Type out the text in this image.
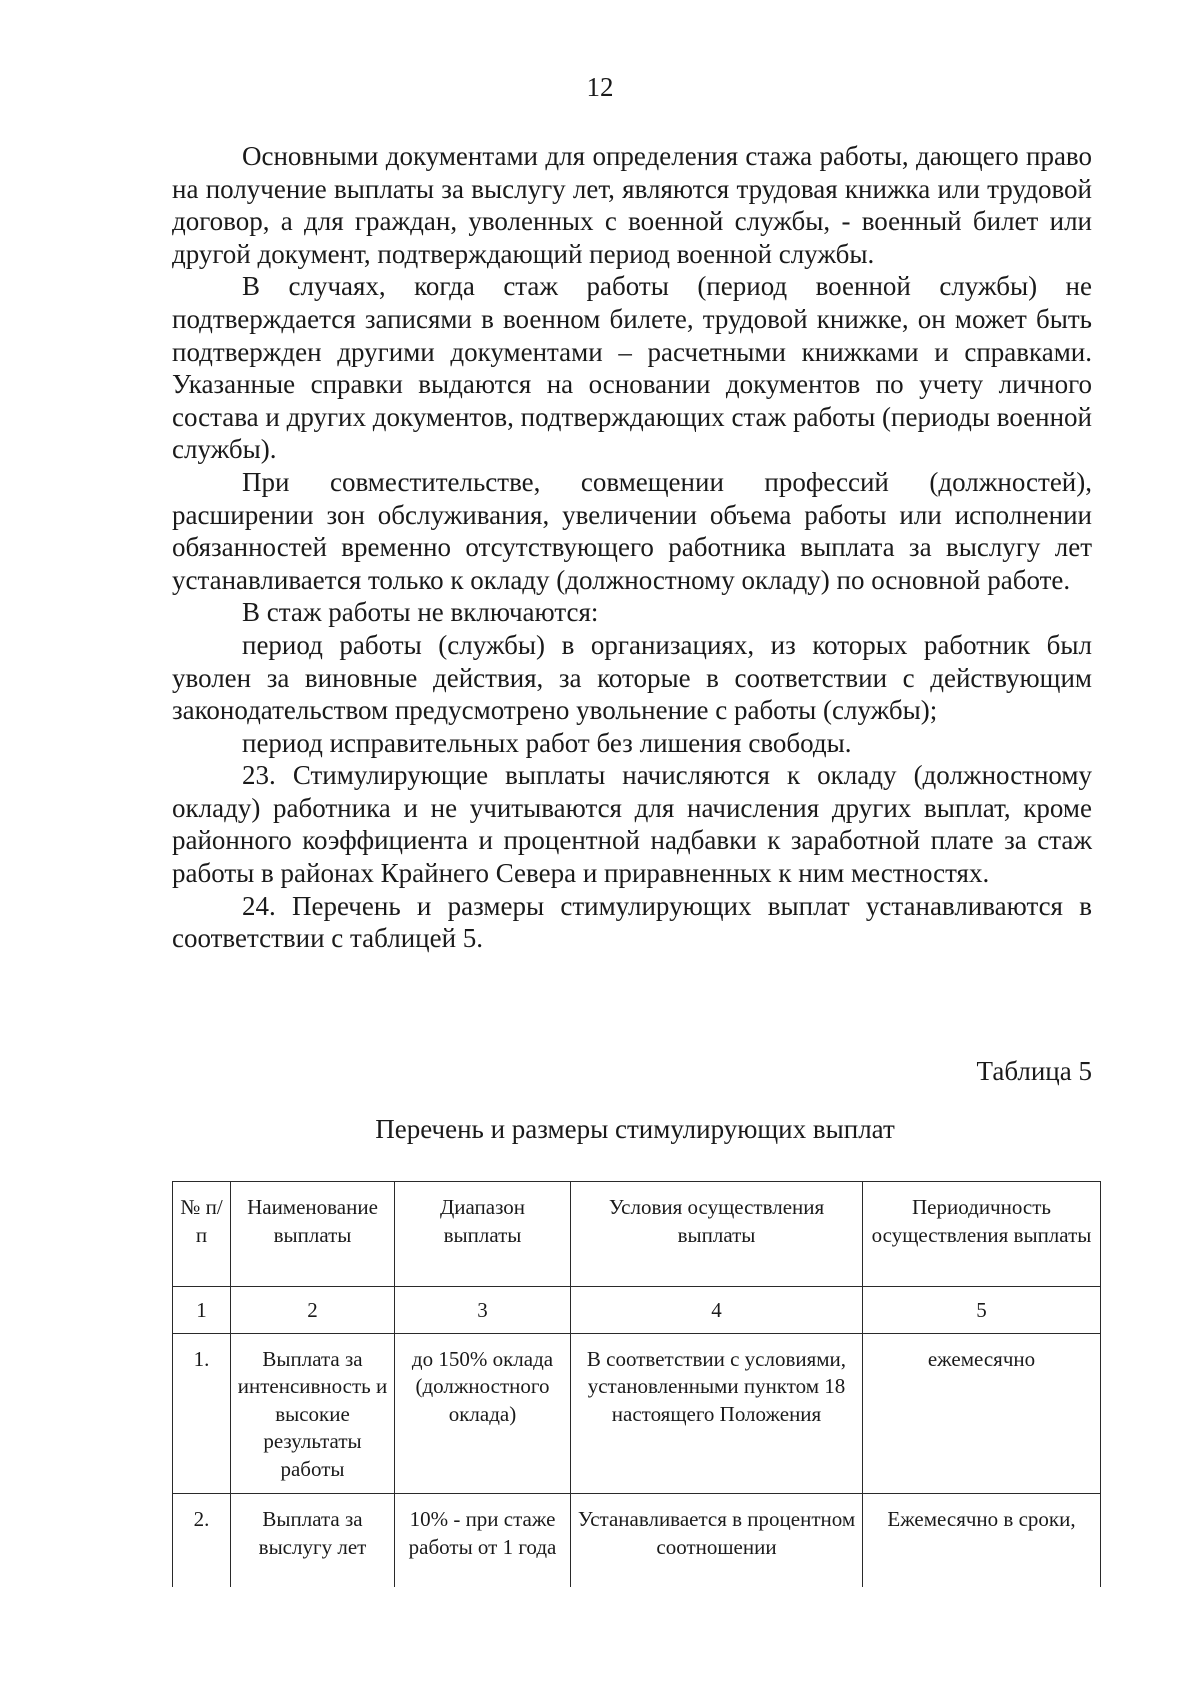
12

Основными документами для определения стажа работы, дающего право на получение выплаты за выслугу лет, являются трудовая книжка или трудовой договор, а для граждан, уволенных с военной службы, - военный билет или другой документ, подтверждающий период военной службы.

В случаях, когда стаж работы (период военной службы) не подтверждается записями в военном билете, трудовой книжке, он может быть подтвержден другими документами – расчетными книжками и справками. Указанные справки выдаются на основании документов по учету личного состава и других документов, подтверждающих стаж работы (периоды военной службы).

При совместительстве, совмещении профессий (должностей), расширении зон обслуживания, увеличении объема работы или исполнении обязанностей временно отсутствующего работника выплата за выслугу лет устанавливается только к окладу (должностному окладу) по основной работе.

В стаж работы не включаются:

период работы (службы) в организациях, из которых работник был уволен за виновные действия, за которые в соответствии с действующим законодательством предусмотрено увольнение с работы (службы);

период исправительных работ без лишения свободы.

23. Стимулирующие выплаты начисляются к окладу (должностному окладу) работника и не учитываются для начисления других выплат, кроме районного коэффициента и процентной надбавки к заработной плате за стаж работы в районах Крайнего Севера и приравненных к ним местностях.

24. Перечень и размеры стимулирующих выплат устанавливаются в соответствии с таблицей 5.

Таблица 5
Перечень и размеры стимулирующих выплат
№ п/п	Наименование выплаты	Диапазон выплаты	Условия осуществления выплаты	Периодичность осуществления выплаты
1	2	3	4	5
1.	Выплата за интенсивность и высокие результаты работы	до 150% оклада (должностного оклада)	В соответствии с условиями, установленными пунктом 18 настоящего Положения	ежемесячно
2.	Выплата за выслугу лет	10% - при стаже работы от 1 года	Устанавливается в процентном соотношении	Ежемесячно в сроки,
